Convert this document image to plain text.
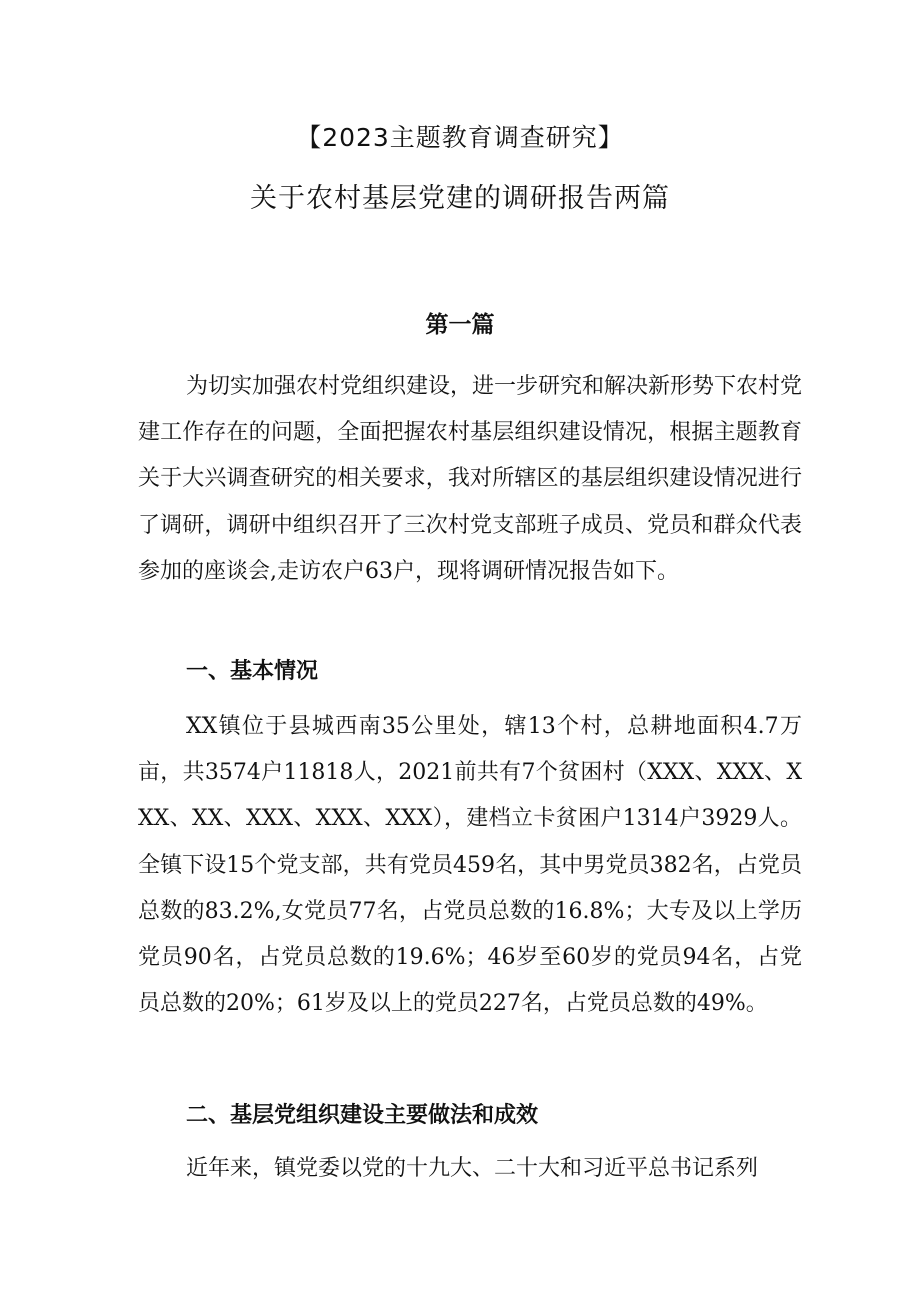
【2023主题教育调查研究】
关于农村基层党建的调研报告两篇
第一篇

为切实加强农村党组织建设，进一步研究和解决新形势下农村党建工作存在的问题，全面把握农村基层组织建设情况，根据主题教育关于大兴调查研究的相关要求，我对所辖区的基层组织建设情况进行了调研，调研中组织召开了三次村党支部班子成员、党员和群众代表参加的座谈会,走访农户63户，现将调研情况报告如下。

一、基本情况

XX镇位于县城西南35公里处，辖13个村，总耕地面积4.7万亩，共3574户11818人，2021前共有7个贫困村（XXX、XXX、XXX、XX、XXX、XXX、XXX），建档立卡贫困户1314户3929人。全镇下设15个党支部，共有党员459名，其中男党员382名，占党员总数的83.2%,女党员77名，占党员总数的16.8%；大专及以上学历党员90名，占党员总数的19.6%；46岁至60岁的党员94名，占党员总数的20%；61岁及以上的党员227名，占党员总数的49%。

二、基层党组织建设主要做法和成效

近年来，镇党委以党的十九大、二十大和习近平总书记系列
